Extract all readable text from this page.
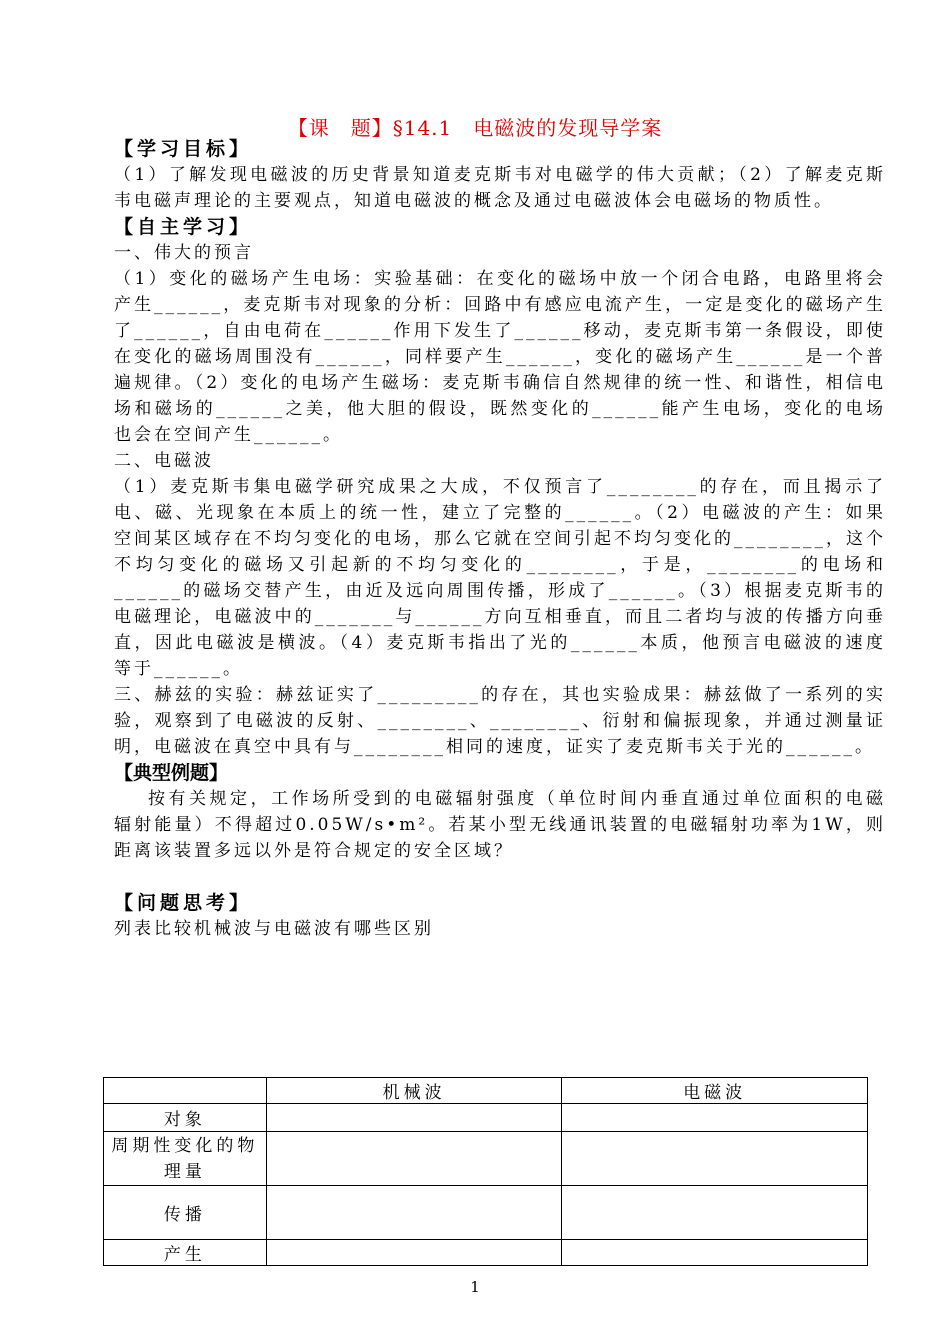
【课　题】§14.1　电磁波的发现导学案
【学习目标】

（1）了解发现电磁波的历史背景知道麦克斯韦对电磁学的伟大贡献；（2）了解麦克斯韦电磁声理论的主要观点，知道电磁波的概念及通过电磁波体会电磁场的物质性。

【自主学习】

一、伟大的预言

（1）变化的磁场产生电场：实验基础：在变化的磁场中放一个闭合电路，电路里将会产生______，麦克斯韦对现象的分析：回路中有感应电流产生，一定是变化的磁场产生了______，自由电荷在______作用下发生了______移动，麦克斯韦第一条假设，即使在变化的磁场周围没有______，同样要产生______，变化的磁场产生______是一个普遍规律。（2）变化的电场产生磁场：麦克斯韦确信自然规律的统一性、和谐性，相信电场和磁场的______之美，他大胆的假设，既然变化的______能产生电场，变化的电场也会在空间产生______。

二、电磁波

（1）麦克斯韦集电磁学研究成果之大成，不仅预言了________的存在，而且揭示了电、磁、光现象在本质上的统一性，建立了完整的______。（2）电磁波的产生：如果空间某区域存在不均匀变化的电场，那么它就在空间引起不均匀变化的________，这个不均匀变化的磁场又引起新的不均匀变化的________，于是，________的电场和______的磁场交替产生，由近及远向周围传播，形成了______。（3）根据麦克斯韦的电磁理论，电磁波中的_______与______方向互相垂直，而且二者均与波的传播方向垂直，因此电磁波是横波。（4）麦克斯韦指出了光的______本质，他预言电磁波的速度等于______。

三、赫兹的实验：赫兹证实了_________的存在，其也实验成果：赫兹做了一系列的实验，观察到了电磁波的反射、________、________、衍射和偏振现象，并通过测量证明，电磁波在真空中具有与________相同的速度，证实了麦克斯韦关于光的______。

【典型例题】

按有关规定，工作场所受到的电磁辐射强度（单位时间内垂直通过单位面积的电磁辐射能量）不得超过0.05W/s•m²。若某小型无线通讯装置的电磁辐射功率为1W，则距离该装置多远以外是符合规定的安全区域？

【问题思考】

列表比较机械波与电磁波有哪些区别

	机械波	电磁波
对象		
周期性变化的物理量		
传播		
产生		
1
